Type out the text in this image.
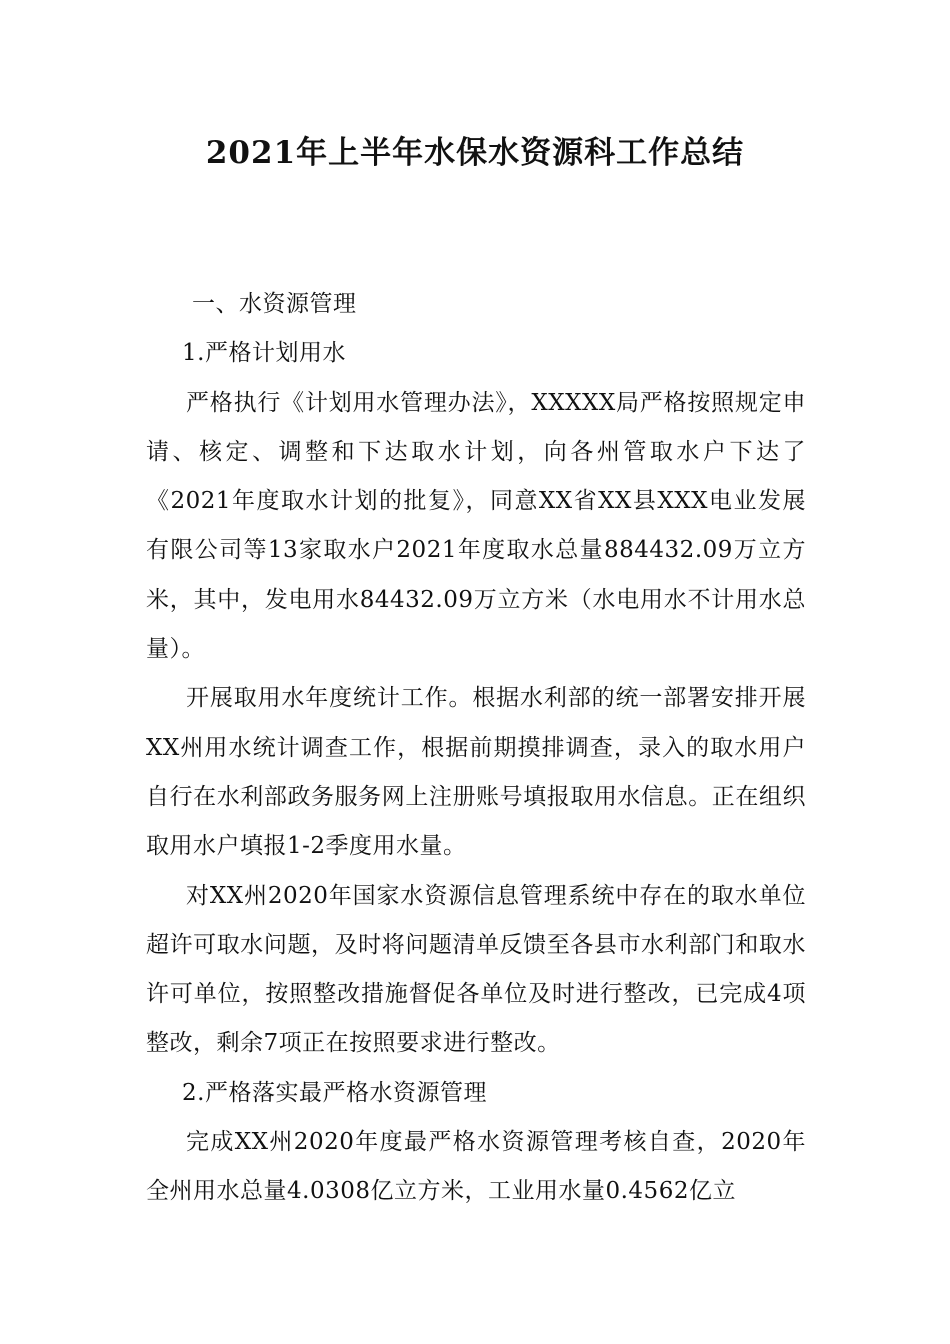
2021年上半年水保水资源科工作总结

一、水资源管理

1.严格计划用水

严格执行《计划用水管理办法》，XXXXX局严格按照规定申请、核定、调整和下达取水计划，向各州管取水户下达了《2021年度取水计划的批复》，同意XX省XX县XXX电业发展有限公司等13家取水户2021年度取水总量884432.09万立方米，其中，发电用水84432.09万立方米（水电用水不计用水总量）。

开展取用水年度统计工作。根据水利部的统一部署安排开展XX州用水统计调查工作，根据前期摸排调查，录入的取水用户自行在水利部政务服务网上注册账号填报取用水信息。正在组织取用水户填报1-2季度用水量。

对XX州2020年国家水资源信息管理系统中存在的取水单位超许可取水问题，及时将问题清单反馈至各县市水利部门和取水许可单位，按照整改措施督促各单位及时进行整改，已完成4项整改，剩余7项正在按照要求进行整改。

2.严格落实最严格水资源管理

完成XX州2020年度最严格水资源管理考核自查，2020年全州用水总量4.0308亿立方米，工业用水量0.4562亿立
